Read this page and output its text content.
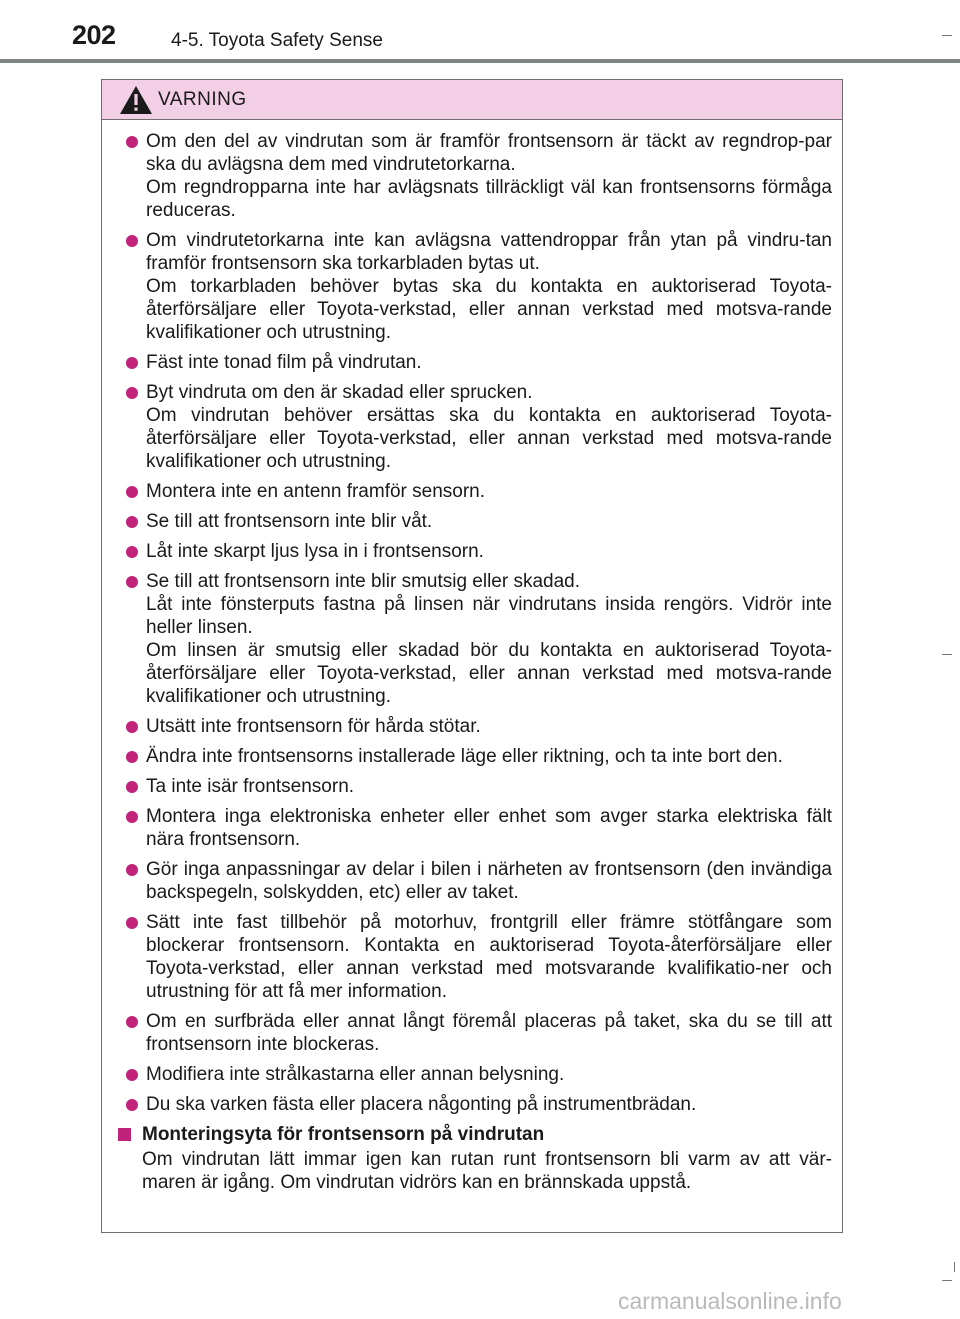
202	4-5. Toyota Safety Sense
VARNING

Om den del av vindrutan som är framför frontsensorn är täckt av regndrop-par ska du avlägsna dem med vindrutetorkarna.

Om regndropparna inte har avlägsnats tillräckligt väl kan frontsensorns förmåga reduceras.

Om vindrutetorkarna inte kan avlägsna vattendroppar från ytan på vindru-tan framför frontsensorn ska torkarbladen bytas ut.

Om torkarbladen behöver bytas ska du kontakta en auktoriserad Toyota-återförsäljare eller Toyota-verkstad, eller annan verkstad med motsva-rande kvalifikationer och utrustning.

Fäst inte tonad film på vindrutan.

Byt vindruta om den är skadad eller sprucken.

Om vindrutan behöver ersättas ska du kontakta en auktoriserad Toyota-återförsäljare eller Toyota-verkstad, eller annan verkstad med motsva-rande kvalifikationer och utrustning.

Montera inte en antenn framför sensorn.

Se till att frontsensorn inte blir våt.

Låt inte skarpt ljus lysa in i frontsensorn.

Se till att frontsensorn inte blir smutsig eller skadad.

Låt inte fönsterputs fastna på linsen när vindrutans insida rengörs. Vidrör inte heller linsen.

Om linsen är smutsig eller skadad bör du kontakta en auktoriserad Toyota-återförsäljare eller Toyota-verkstad, eller annan verkstad med motsva-rande kvalifikationer och utrustning.

Utsätt inte frontsensorn för hårda stötar.

Ändra inte frontsensorns installerade läge eller riktning, och ta inte bort den.

Ta inte isär frontsensorn.

Montera inga elektroniska enheter eller enhet som avger starka elektriska fält nära frontsensorn.

Gör inga anpassningar av delar i bilen i närheten av frontsensorn (den invändiga backspegeln, solskydden, etc) eller av taket.

Sätt inte fast tillbehör på motorhuv, frontgrill eller främre stötfångare som blockerar frontsensorn. Kontakta en auktoriserad Toyota-återförsäljare eller Toyota-verkstad, eller annan verkstad med motsvarande kvalifikatio-ner och utrustning för att få mer information.

Om en surfbräda eller annat långt föremål placeras på taket, ska du se till att frontsensorn inte blockeras.

Modifiera inte strålkastarna eller annan belysning.

Du ska varken fästa eller placera någonting på instrumentbrädan.

Monteringsyta för frontsensorn på vindrutan

Om vindrutan lätt immar igen kan rutan runt frontsensorn bli varm av att vär-maren är igång. Om vindrutan vidrörs kan en brännskada uppstå.

carmanualsonline.info
